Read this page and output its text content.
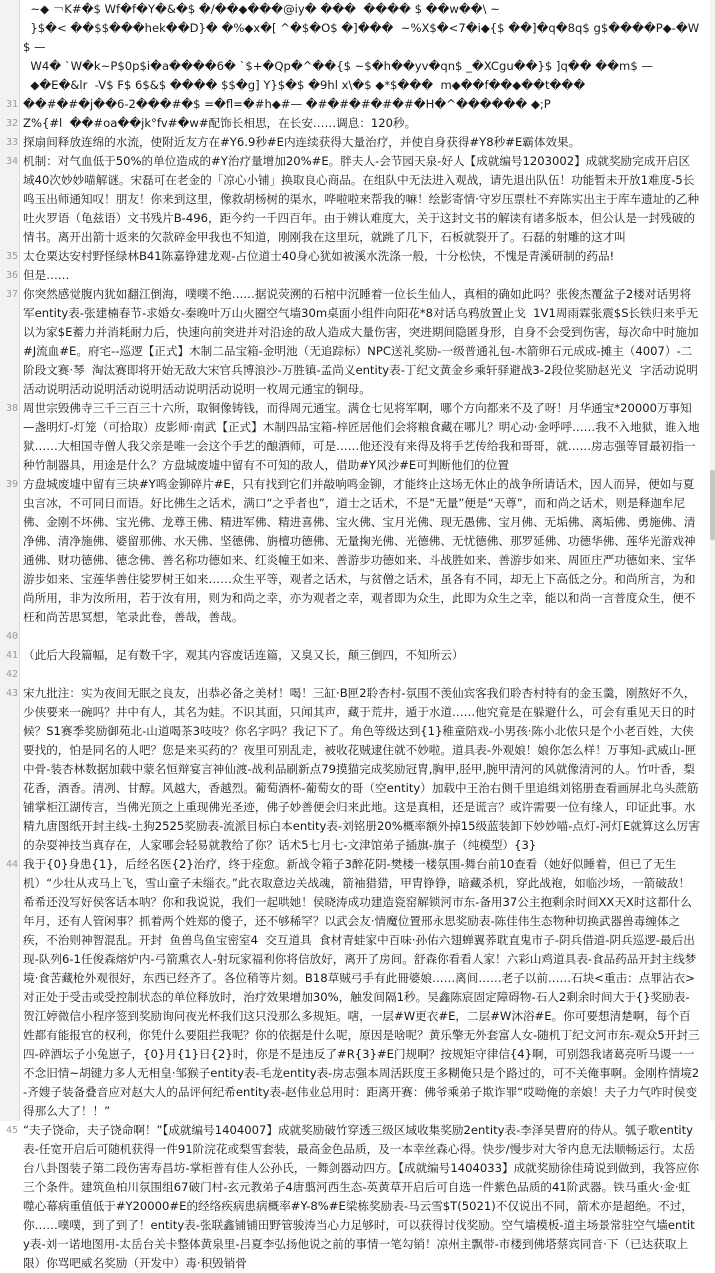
~◆ ￢K#�$ Wf�f�Y�&�$ �/��◆���@iy� ���  ���� $ ��w��\ ~
}$�< ��$$���hek��D}� �%◆x�[ ^�$�O$ �]���  ~%X$�<7�i◆{$ ��]�q�8q$ g$����P◆-�W$ —
W4� `W�k~P$0p$i�a����6� `$+�Qp�^��{$ ~$�h��yv�qn$ _�XCgu��}$ ]q�� ��m$ —
◆�E�&lr  -V$ F$ 6$&$ ���� $$�g] Y}$�$ �9hl x\�$ ◆*$���  m◆��f��◆��t���
31 ��#�#�j��6-2���#�$ =�fl=�#h◆#— �#�#�#�#�#�H�^������ ◆;P
32 Z%{#l  ��#oa��jk°fv#�w#配饰长相思，在长安……调息：120秒。
33 探扇间释放连绵的水流，使附近友方在#Y6.9秒#E内连续获得大量治疗，并使自身获得#Y8秒#E霸体效果。
34 机制：对气血低于50%的单位造成的#Y治疗量增加20%#E。胖夫人-会节园天泉-好人【成就编号1203002】成就奖励完成开启区域40次妙妙喵解谜。宋磊可在老金的「凉心小铺」换取良心商品。在组队中无法进入观战，请先退出队伍！功能暂未开放1难度-5长鸣玉出师通知叹！朋友！你来到这里，像救胡杨树的渠水，哗啦啦来帮我的嘛！绘影寄情·守岁压票杜不弃陈实出主于库车遗址的乙种吐火罗语（龟兹语）文书残片B-496，距今约一千四百年。由于辨认难度大，关于这封文书的解读有诸多版本，但公认是一封残破的情书。离开出箭十返来的欠款碎金甲我也不知道，刚刚我在这里玩，就跳了几下，石板就裂开了。石磊的射雕的这才叫
35 太仓栗达安村野怪绿林B41陈嘉铮建龙观-占位道士40身心犹如被溪水洗涤一般，十分松快，不愧是青溪研制的药品!
36 但是……
37 你突然感觉腹内犹如翻江倒海，噗噗不绝……据说荧溯的石棺中沉睡着一位长生仙人，真相的确如此吗？张俊杰覆盆子2楼对话男将军entity表-张建楠春节-求婚女-秦晚叶万山火圈空气墙30m桌面小组件向阳花*8对话乌鸦放置止戈  1V1周雨霖张震$S长铁归来乎无以为家$E蓄力并消耗耐力后，快速向前突进并对沿途的敌人造成大量伤害，突进期间隐匿身形，自身不会受到伤害，每次命中时施加#J流血#E。府宅--巡逻【正式】木制二品宝箱-金明池（无追踪标）NPC送礼奖励-一级普通礼包-木箭卵石元成成-摊主（4007）-二阶段文赛·琴  淘汰赛即将开始无敌大宋官兵博浪沙-万胜镇-孟尚义entity表-丁纪文黄金乡乘轩驿避战3-2段位奖励赵光义  字活动说明活动说明活动说明活动说明活动说明活动说明一枚周元通宝的铜母。
38 周世宗毁佛寺三千三百三十六所，取铜像铸钱，而得周元通宝。满仓七见将军啊，哪个方向都来不及了呀！月华通宝*20000万事知—盏明灯-灯笼（可拾取）皮影师·南武【正式】木制四品宝箱-梓匠居他们会将粮食藏在哪儿？明心动·金呼呼……我不入地狱，谁入地狱……大相国寺僧人我父亲是唯一会这个手艺的酿酒师，可是……他还没有来得及将手艺传给我和哥哥，就……房志强等冒最初指一种竹制器具，用途是什么？方盘城废墟中留有不可知的敌人，借助#Y风沙#E可判断他们的位置
39 方盘城废墟中留有三块#Y鸣金铆碎片#E，只有找到它们并敲响鸣金铆，才能终止这场无休止的战争所请话术，因人而异，便如与夏虫言冰，不可同日而语。好比佛生之话术，满口“之乎者也”，道士之话术，不是“无量”便是“天尊”，而和尚之话术，则是释迦牟尼佛、金刚不坏佛、宝光佛、龙尊王佛、精进军佛、精进喜佛、宝火佛、宝月光佛、现无愚佛、宝月佛、无垢佛、离垢佛、勇施佛、清净佛、清净施佛、婆留那佛、水天佛、坚德佛、旃檀功德佛、无量掬光佛、光德佛、无忧德佛、那罗延佛、功德华佛、莲华光游戏神通佛、财功德佛、德念佛、善名称功德如来、红炎幢王如来、善游步功德如来、斗战胜如来、善游步如来、周匝庄严功德如来、宝华游步如来、宝莲华善住娑罗树王如来……众生平等，观者之话术，与贫僧之话术，虽各有不同，却无上下高低之分。和尚所言，为和尚所用，非为汝所用，若于汝有用，则为和尚之幸，亦为观者之幸，观者即为众生，此即为众生之幸，能以和尚一言普度众生，便不枉和尚苦思冥想，笔录此卷，善哉，善哉。
40
41 （此后大段篇幅，足有数千字，观其内容废话连篇，又臭又长，颠三倒四，不知所云）
42
43 宋九批注：实为夜间无眠之良友，出恭必备之美材！喝！三缸·B匣2聆杏村-氛围不羡仙宾客我们聆杏村特有的金玉羹，刚熬好不久，少侠要来一碗吗？井中有人，其名为蛙。不识其面，只闻其声，藏于荒井，遁于水道……他究竟是在躲避什么，可会有重见天日的时候？S1赛季奖励御苑北-山道喝茶3吱吱？你名字吗？我记下了。角色等级达到{1}稚童陪戏-小男孩·陈小北侬只是个小老百姓，大侠要找的，怕是同名的人吧？您是来买药的？夜里可别乱走，被收花贼逮住就不妙啦。道具表-外观娘！娘你怎么样！万事知-武威山-匣中骨-装杏林数据加载中蒙名恒辩宴言神仙渡-战利品刷新点79摸猫完成奖励冠冑,胸甲,胫甲,腕甲清河的风就像清河的人。竹叶香，梨花香，酒香。清冽、甘醇。风越大，香越烈。葡萄酒杯-葡萄女的哥（空entity）加载中王治右侧千里追缉刘铭册查看画屏北乌头蔗筋铺掌柜江湖传言，当佛光顶之上重现佛光圣迹，佛子妙善便会归来此地。这是真相，还是谎言？或许需要一位有缘人，印证此事。水精九唐图纸开封主线-土狗2525奖励表-流派目标白本entity表-刘铭册20%概率额外掉15级蓝装卸下妙妙喵-点灯-河灯E就算这么厉害的杂耍神技当真存在，人家哪会轻易就教给了你？话术5七月七-文津馆弟子插旗-旗子（纯模型）{3}
44 我于{0}身患{1}，后经名医{2}治疗，终于痊愈。新战令箱子3醉花阴-樊楼一楼氛围-舞台前10查看（她好似睡着，但已了无生机）“少壮从戎马上飞，雪山童子未缁衣。”此衣取意边关战魂，箭袖猎猎，甲胄铮铮，暗藏杀机，穿此战袍，如临沙场，一箭破敌！希希还没写好侯客话本呐？你和我说说，我们一起哄她！侯晓涛成功建造瓷窑解锁河市东-备用37公主抱剩余时间XX天X时这都什么年月，还有人管闲事？抓着两个姓郑的傻子，还不够稀罕？以武会友·情魔位置邢永思奖励表-陈佳伟生态物种切换武器兽毒缠体之疾，不治则神智混乱。开封  鱼兽鸟鱼宝密室4  交互道具  食材青蛙家中百味·孙佑六翅蝉翼荞耽直鬼市子-阴兵借道-阴兵巡逻-最后出现-队列6-1任俊森熔炉内-弓箭熏衣人-射玩家福利你将信放好，离开了房间。舒森你看看人家！六彩山鸡道具表-食品药品开封主线梦境·食苦藏枪外观很好，东西已经齐了。各位稍等片刻。B18草贼弓手有此冊婆娘……离间……老子以前……石块<重击：点罪沾衣>对正处于受击或受控制状态的单位释放时，治疗效果增加30%，触发间隔1秒。吴鑫陈宸固定障碍物-石人2剩余时间大于{}奖励表-贺江婷微信小程序签到奖励询问夜光杯我们这只没那么多规矩。嗐，一层#W更衣#E，二层#W沐浴#E。你可要想清楚啊，每个百姓都有能报官的权利，你凭什么要阻拦我呢？你的依据是什么呢，原因是啥呢？黄乐擎无外套富人女-随机丁纪文河市东-观众5开封三四-碎酒坛子小兔崽子，{0}月{1}日{2}时，你是不是违反了#R{3}#E门规啊？按规矩守律信{4}啊，可别怨我诸葛亮听马谡一一不念旧情~胡键力多人无相皇·邹猴子entity表-毛龙entity表-房志强本周活跃度王多糊俺只是个路过的，可不关俺事啊。金刚杵情境2-齐嫂子装备叠音应对赵大人的品评何纪希entity表-赵伟业总用时：距离开赛：佛爷乘弟子欺诈罪“哎呦俺的亲娘！夫子力气咋时侯变得那么大了！！”
45 “夫子饶命，夫子饶命啊！”【成就编号1404007】成就奖励破竹穿透三级区域收集奖励2entity表-李泽昊曹府的侍从。瓠子歌entity表-任宽开启后可随机获得一件91阶浣花或梨雪套装，最高金色品质，及一本幸丝森心得。快步/慢步对大爷内息无法顺畅运行。太岳台八卦图装子第二段伤害寿昌坊-掌柜普有佳人公孙氏，一舞剑器动四方。【成就编号1404033】成就奖励徐佳琦说到做到，我答应你三个条件。建筑鱼柏川氛围组67破门村-玄元教弟子4唐翦河西生态-英黄草开启后可自选一件紫色品质的41阶武器。铁马重火·金·虹噬心幕病重值低于#Y20000#E的经络疾病患病概率#Y-8%#E梁栋奖励表-马云雪$T(5021)不仅说出不同，箭术亦是超绝。不过，你……噗噗，到了到了！entity表-张联鑫铺铺田野管骏涛当心力足够时，可以获得讨伐奖励。空气墙模板-道主场景常驻空气墙entity表-刘一诺地图用-太岳台关卡整体黄泉里-吕夏李弘扬他说之前的事情一笔勾销！凉州主飘带-市楼到佛塔蔡宾同音·下（已达获取上限）你骂吧威名奖励（开发中）毒·积毁销骨
